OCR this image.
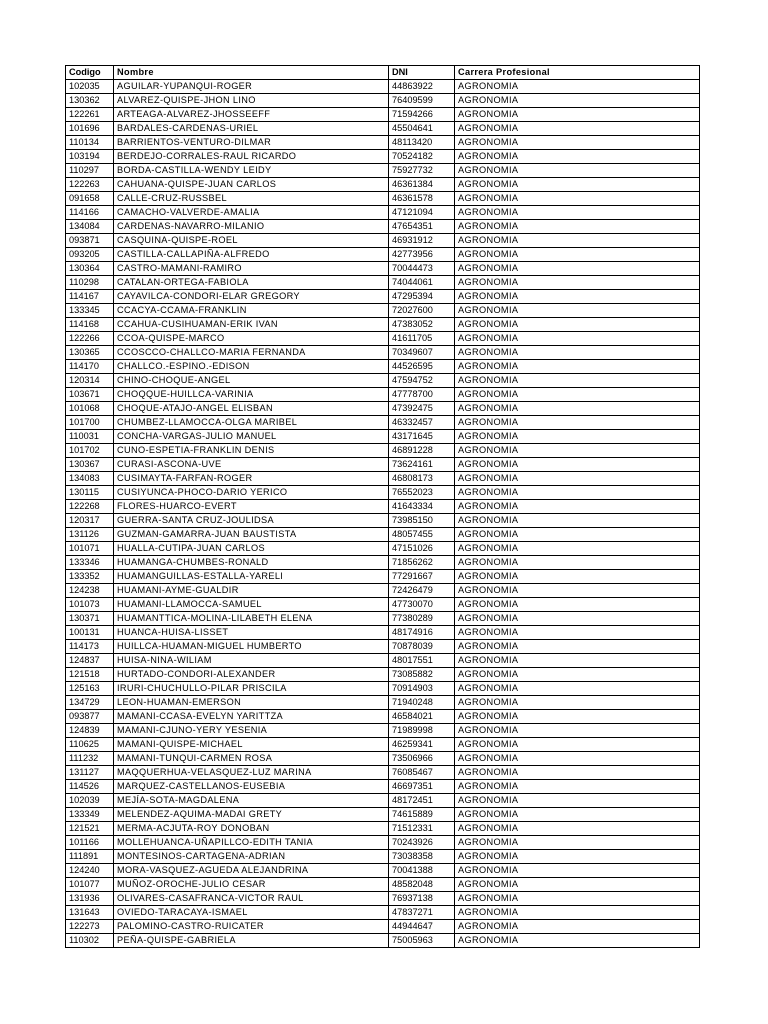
Codigo	Nombre	DNI	Carrera Profesional
102035	AGUILAR-YUPANQUI-ROGER	44863922	AGRONOMIA
130362	ALVAREZ-QUISPE-JHON LINO	76409599	AGRONOMIA
122261	ARTEAGA-ALVAREZ-JHOSSEEFF	71594266	AGRONOMIA
101696	BARDALES-CARDENAS-URIEL	45504641	AGRONOMIA
110134	BARRIENTOS-VENTURO-DILMAR	48113420	AGRONOMIA
103194	BERDEJO-CORRALES-RAUL RICARDO	70524182	AGRONOMIA
110297	BORDA-CASTILLA-WENDY LEIDY	75927732	AGRONOMIA
122263	CAHUANA-QUISPE-JUAN CARLOS	46361384	AGRONOMIA
091658	CALLE-CRUZ-RUSSBEL	46361578	AGRONOMIA
114166	CAMACHO-VALVERDE-AMALIA	47121094	AGRONOMIA
134084	CARDENAS-NAVARRO-MILANIO	47654351	AGRONOMIA
093871	CASQUINA-QUISPE-ROEL	46931912	AGRONOMIA
093205	CASTILLA-CALLAPIÑA-ALFREDO	42773956	AGRONOMIA
130364	CASTRO-MAMANI-RAMIRO	70044473	AGRONOMIA
110298	CATALAN-ORTEGA-FABIOLA	74044061	AGRONOMIA
114167	CAYAVILCA-CONDORI-ELAR GREGORY	47295394	AGRONOMIA
133345	CCACYA-CCAMA-FRANKLIN	72027600	AGRONOMIA
114168	CCAHUA-CUSIHUAMAN-ERIK IVAN	47383052	AGRONOMIA
122266	CCOA-QUISPE-MARCO	41611705	AGRONOMIA
130365	CCOSCCO-CHALLCO-MARIA FERNANDA	70349607	AGRONOMIA
114170	CHALLCO.-ESPINO.-EDISON	44526595	AGRONOMIA
120314	CHINO-CHOQUE-ANGEL	47594752	AGRONOMIA
103671	CHOQQUE-HUILLCA-VARINIA	47778700	AGRONOMIA
101068	CHOQUE-ATAJO-ANGEL ELISBAN	47392475	AGRONOMIA
101700	CHUMBEZ-LLAMOCCA-OLGA MARIBEL	46332457	AGRONOMIA
110031	CONCHA-VARGAS-JULIO MANUEL	43171645	AGRONOMIA
101702	CUNO-ESPETIA-FRANKLIN DENIS	46891228	AGRONOMIA
130367	CURASI-ASCONA-UVE	73624161	AGRONOMIA
134083	CUSIMAYTA-FARFAN-ROGER	46808173	AGRONOMIA
130115	CUSIYUNCA-PHOCO-DARIO YERICO	76552023	AGRONOMIA
122268	FLORES-HUARCO-EVERT	41643334	AGRONOMIA
120317	GUERRA-SANTA CRUZ-JOULIDSA	73985150	AGRONOMIA
131126	GUZMAN-GAMARRA-JUAN BAUSTISTA	48057455	AGRONOMIA
101071	HUALLA-CUTIPA-JUAN CARLOS	47151026	AGRONOMIA
133346	HUAMANGA-CHUMBES-RONALD	71856262	AGRONOMIA
133352	HUAMANGUILLAS-ESTALLA-YARELI	77291667	AGRONOMIA
124238	HUAMANI-AYME-GUALDIR	72426479	AGRONOMIA
101073	HUAMANI-LLAMOCCA-SAMUEL	47730070	AGRONOMIA
130371	HUAMANTTICA-MOLINA-LILABETH ELENA	77380289	AGRONOMIA
100131	HUANCA-HUISA-LISSET	48174916	AGRONOMIA
114173	HUILLCA-HUAMAN-MIGUEL HUMBERTO	70878039	AGRONOMIA
124837	HUISA-NINA-WILIAM	48017551	AGRONOMIA
121518	HURTADO-CONDORI-ALEXANDER	73085882	AGRONOMIA
125163	IRURI-CHUCHULLO-PILAR PRISCILA	70914903	AGRONOMIA
134729	LEON-HUAMAN-EMERSON	71940248	AGRONOMIA
093877	MAMANI-CCASA-EVELYN YARITTZA	46584021	AGRONOMIA
124839	MAMANI-CJUNO-YERY YESENIA	71989998	AGRONOMIA
110625	MAMANI-QUISPE-MICHAEL	46259341	AGRONOMIA
111232	MAMANI-TUNQUI-CARMEN ROSA	73506966	AGRONOMIA
131127	MAQQUERHUA-VELASQUEZ-LUZ MARINA	76085467	AGRONOMIA
114526	MARQUEZ-CASTELLANOS-EUSEBIA	46697351	AGRONOMIA
102039	MEJÍA-SOTA-MAGDALENA	48172451	AGRONOMIA
133349	MELENDEZ-AQUIMA-MADAI GRETY	74615889	AGRONOMIA
121521	MERMA-ACJUTA-ROY DONOBAN	71512331	AGRONOMIA
101166	MOLLEHUANCA-UÑAPILLCO-EDITH TANIA	70243926	AGRONOMIA
111891	MONTESINOS-CARTAGENA-ADRIAN	73038358	AGRONOMIA
124240	MORA-VASQUEZ-AGUEDA ALEJANDRINA	70041388	AGRONOMIA
101077	MUÑOZ-OROCHE-JULIO CESAR	48582048	AGRONOMIA
131936	OLIVARES-CASAFRANCA-VICTOR RAUL	76937138	AGRONOMIA
131643	OVIEDO-TARACAYA-ISMAEL	47837271	AGRONOMIA
122273	PALOMINO-CASTRO-RUICATER	44944647	AGRONOMIA
110302	PEÑA-QUISPE-GABRIELA	75005963	AGRONOMIA
